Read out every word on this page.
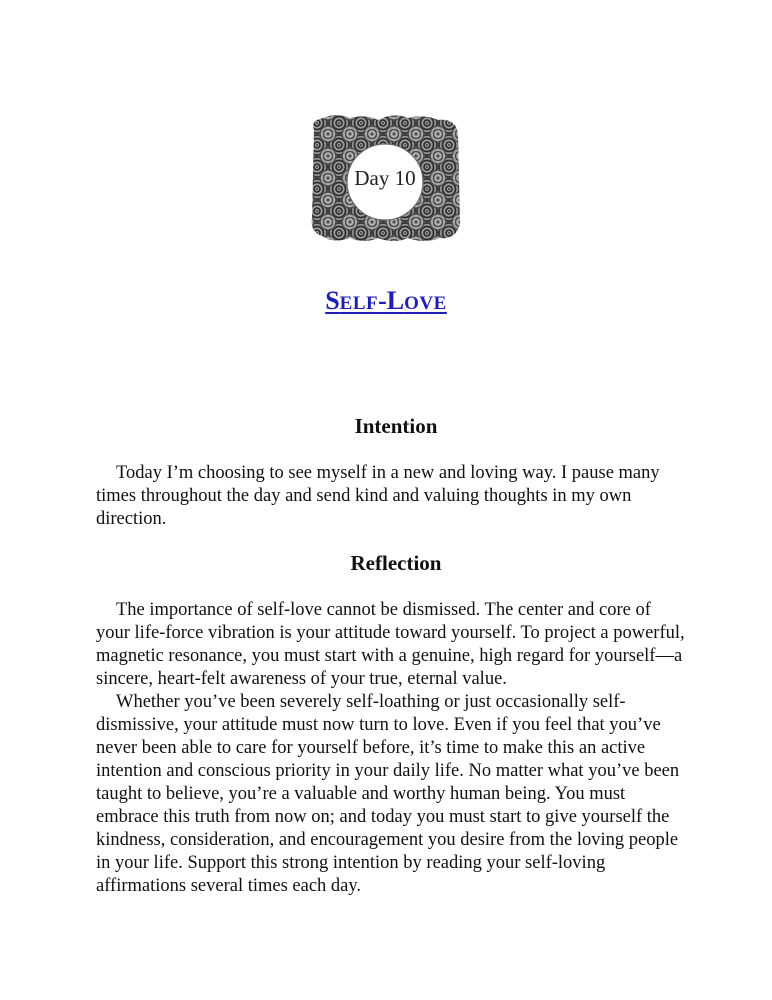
Day 10
SELF-LOVE
Intention

Today I’m choosing to see myself in a new and loving way. I pause many times throughout the day and send kind and valuing thoughts in my own direction.

Reflection

The importance of self-love cannot be dismissed. The center and core of your life-force vibration is your attitude toward yourself. To project a powerful, magnetic resonance, you must start with a genuine, high regard for yourself—a sincere, heart-felt awareness of your true, eternal value.

Whether you’ve been severely self-loathing or just occasionally self-dismissive, your attitude must now turn to love. Even if you feel that you’ve never been able to care for yourself before, it’s time to make this an active intention and conscious priority in your daily life. No matter what you’ve been taught to believe, you’re a valuable and worthy human being. You must embrace this truth from now on; and today you must start to give yourself the kindness, consideration, and encouragement you desire from the loving people in your life. Support this strong intention by reading your self-loving affirmations several times each day.
